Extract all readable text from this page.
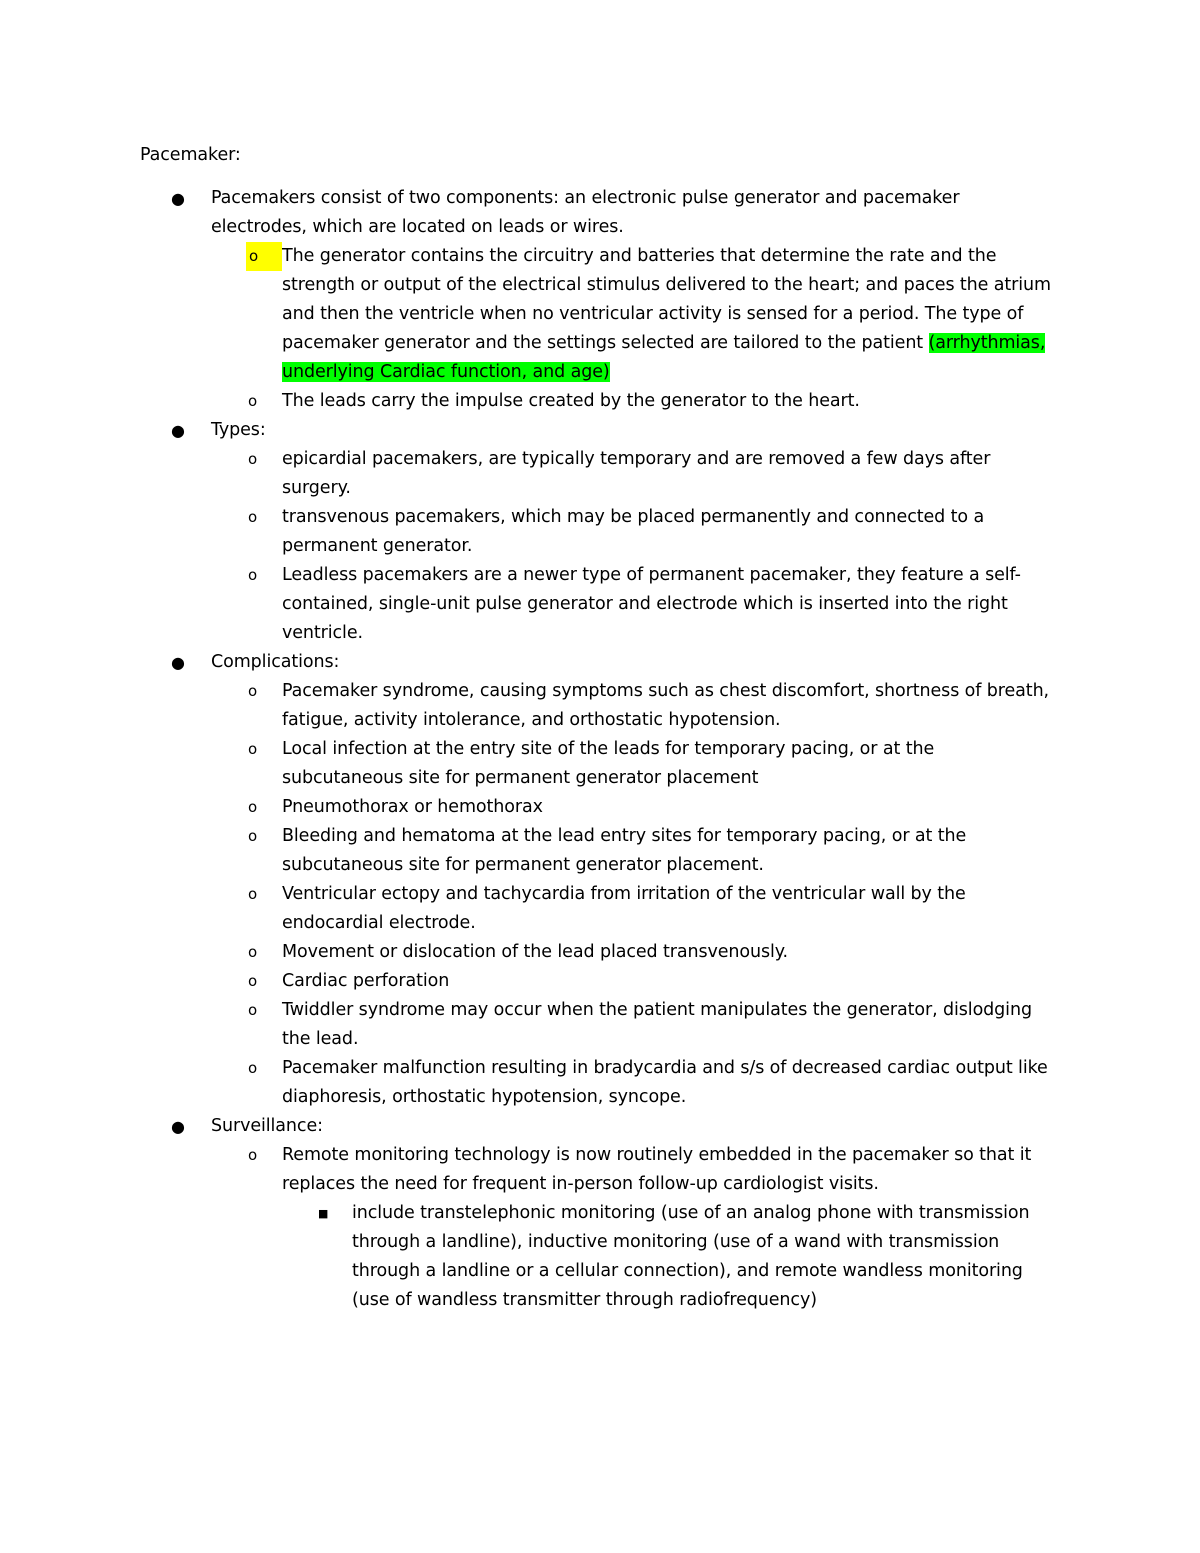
Pacemaker:
● Pacemakers consist of two components: an electronic pulse generator and pacemaker electrodes, which are located on leads or wires.
o	The generator contains the circuitry and batteries that determine the rate and the strength or output of the electrical stimulus delivered to the heart; and paces the atrium and then the ventricle when no ventricular activity is sensed for a period. The type of pacemaker generator and the settings selected are tailored to the patient (arrhythmias, underlying Cardiac function, and age)
o The leads carry the impulse created by the generator to the heart.
● Types:
o epicardial pacemakers, are typically temporary and are removed a few days after surgery.
o transvenous pacemakers, which may be placed permanently and connected to a permanent generator.
o Leadless pacemakers are a newer type of permanent pacemaker, they feature a self-contained, single-unit pulse generator and electrode which is inserted into the right ventricle.
● Complications:
o Pacemaker syndrome, causing symptoms such as chest discomfort, shortness of breath, fatigue, activity intolerance, and orthostatic hypotension.
o Local infection at the entry site of the leads for temporary pacing, or at the subcutaneous site for permanent generator placement
o Pneumothorax or hemothorax
o Bleeding and hematoma at the lead entry sites for temporary pacing, or at the subcutaneous site for permanent generator placement.
o Ventricular ectopy and tachycardia from irritation of the ventricular wall by the endocardial electrode.
o Movement or dislocation of the lead placed transvenously.
o Cardiac perforation
o Twiddler syndrome may occur when the patient manipulates the generator, dislodging the lead.
o Pacemaker malfunction resulting in bradycardia and s/s of decreased cardiac output like diaphoresis, orthostatic hypotension, syncope.
● Surveillance:
o Remote monitoring technology is now routinely embedded in the pacemaker so that it replaces the need for frequent in-person follow-up cardiologist visits.
■ include transtelephonic monitoring (use of an analog phone with transmission through a landline), inductive monitoring (use of a wand with transmission through a landline or a cellular connection), and remote wandless monitoring (use of wandless transmitter through radiofrequency)
